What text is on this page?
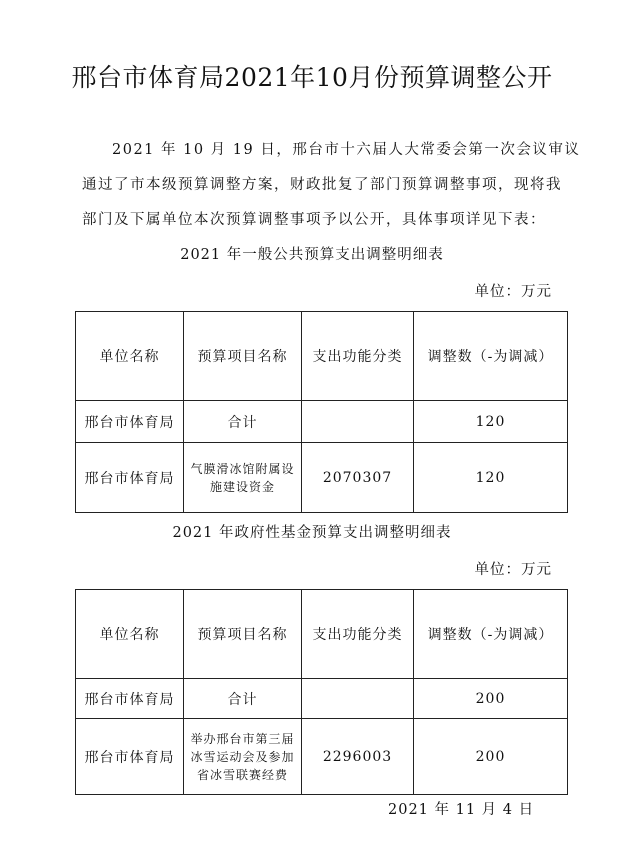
邢台市体育局2021年10月份预算调整公开
2021 年 10 月 19 日，邢台市十六届人大常委会第一次会议审议
通过了市本级预算调整方案，财政批复了部门预算调整事项，现将我
部门及下属单位本次预算调整事项予以公开，具体事项详见下表：
2021 年一般公共预算支出调整明细表
单位：万元
单位名称	预算项目名称	支出功能分类	调整数（-为调减）
邢台市体育局	合计		120
邢台市体育局	气膜滑冰馆附属设施建设资金	2070307	120
2021 年政府性基金预算支出调整明细表
单位：万元
单位名称	预算项目名称	支出功能分类	调整数（-为调减）
邢台市体育局	合计		200
邢台市体育局	举办邢台市第三届冰雪运动会及参加省冰雪联赛经费	2296003	200
2021 年 11 月 4 日
